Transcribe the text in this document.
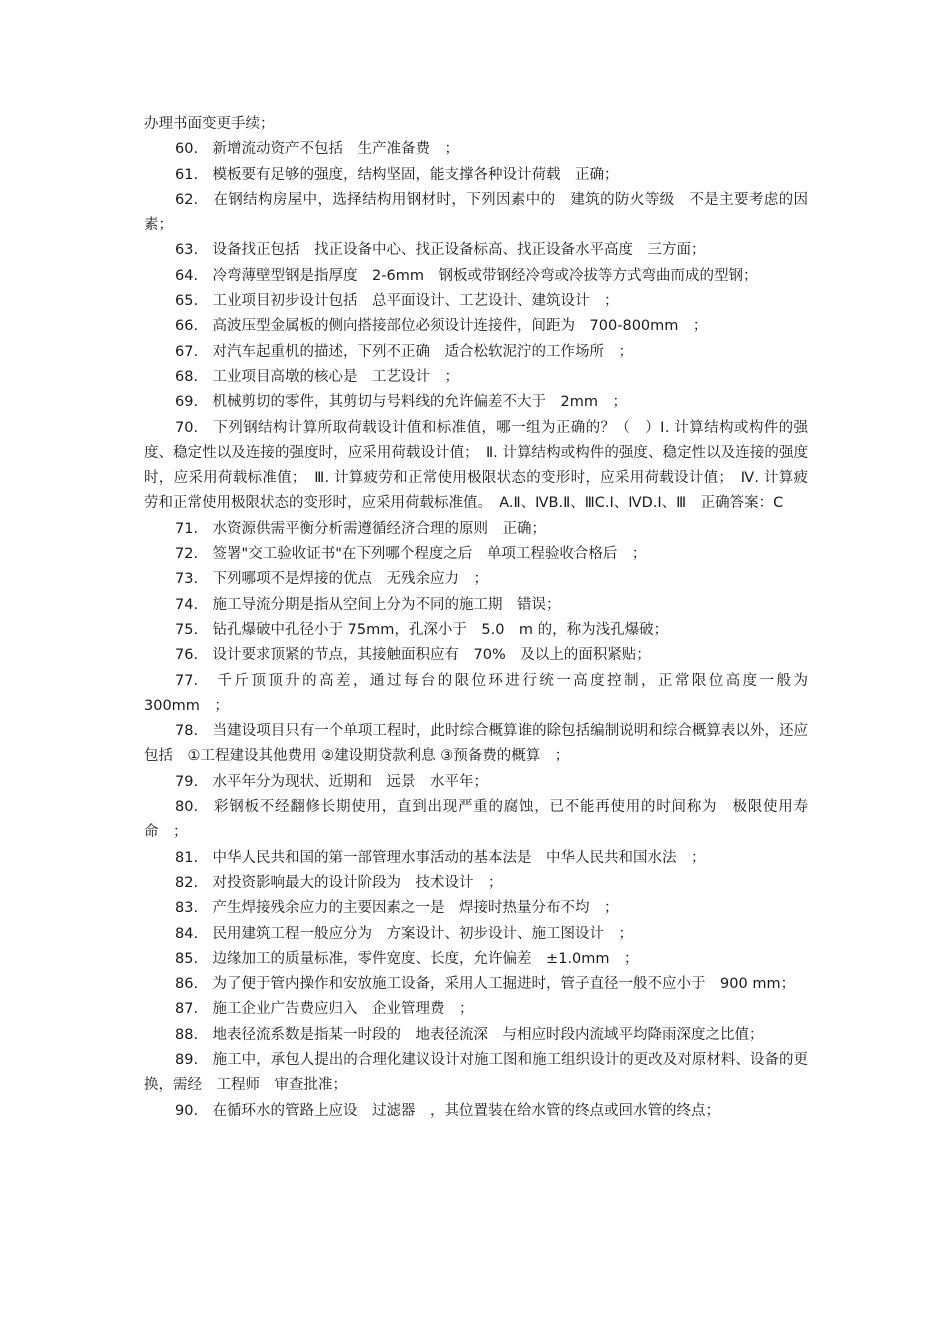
办理书面变更手续；

60.　新增流动资产不包括　生产准备费　；

61.　模板要有足够的强度，结构坚固，能支撑各种设计荷载　正确；

62.　在钢结构房屋中，选择结构用钢材时，下列因素中的　建筑的防火等级　不是主要考虑的因素；

63.　设备找正包括　找正设备中心、找正设备标高、找正设备水平高度　三方面；

64.　冷弯薄壁型钢是指厚度　2-6mm　钢板或带钢经冷弯或冷拔等方式弯曲而成的型钢；

65.　工业项目初步设计包括　总平面设计、工艺设计、建筑设计　；

66.　高波压型金属板的侧向搭接部位必须设计连接件，间距为　700-800mm　；

67.　对汽车起重机的描述，下列不正确　适合松软泥泞的工作场所　；

68.　工业项目高墩的核心是　工艺设计　；

69.　机械剪切的零件，其剪切与号料线的允许偏差不大于　2mm　；

70.　下列钢结构计算所取荷载设计值和标准值，哪一组为正确的？（　）Ⅰ. 计算结构或构件的强度、稳定性以及连接的强度时，应采用荷载设计值；　Ⅱ. 计算结构或构件的强度、稳定性以及连接的强度时，应采用荷载标准值；　Ⅲ. 计算疲劳和正常使用极限状态的变形时，应采用荷载设计值；　Ⅳ. 计算疲劳和正常使用极限状态的变形时，应采用荷载标准值。　A.Ⅱ、ⅣB.Ⅱ、ⅢC.Ⅰ、ⅣD.Ⅰ、Ⅲ　正确答案：C

71.　水资源供需平衡分析需遵循经济合理的原则　正确；

72.　签署"交工验收证书"在下列哪个程度之后　单项工程验收合格后　；

73.　下列哪项不是焊接的优点　无残余应力　；

74.　施工导流分期是指从空间上分为不同的施工期　错误；

75.　钻孔爆破中孔径小于 75mm，孔深小于　5.0　m 的，称为浅孔爆破；

76.　设计要求顶紧的节点，其接触面积应有　70%　及以上的面积紧贴；

77.　千斤顶顶升的高差，通过每台的限位环进行统一高度控制，正常限位高度一般为 300mm　；

78.　当建设项目只有一个单项工程时，此时综合概算谁的除包括编制说明和综合概算表以外，还应包括　①工程建设其他费用 ②建设期贷款利息 ③预备费的概算　；

79.　水平年分为现状、近期和　远景　水平年；

80.　彩钢板不经翻修长期使用，直到出现严重的腐蚀，已不能再使用的时间称为　极限使用寿命　；

81.　中华人民共和国的第一部管理水事活动的基本法是　中华人民共和国水法　；

82.　对投资影响最大的设计阶段为　技术设计　；

83.　产生焊接残余应力的主要因素之一是　焊接时热量分布不均　；

84.　民用建筑工程一般应分为　方案设计、初步设计、施工图设计　；

85.　边缘加工的质量标准，零件宽度、长度，允许偏差　±1.0mm　；

86.　为了便于管内操作和安放施工设备，采用人工掘进时，管子直径一般不应小于　900 mm；

87.　施工企业广告费应归入　企业管理费　；

88.　地表径流系数是指某一时段的　地表径流深　与相应时段内流域平均降雨深度之比值；

89.　施工中，承包人提出的合理化建议设计对施工图和施工组织设计的更改及对原材料、设备的更换，需经　工程师　审查批准；

90.　在循环水的管路上应设　过滤器　，其位置装在给水管的终点或回水管的终点；
